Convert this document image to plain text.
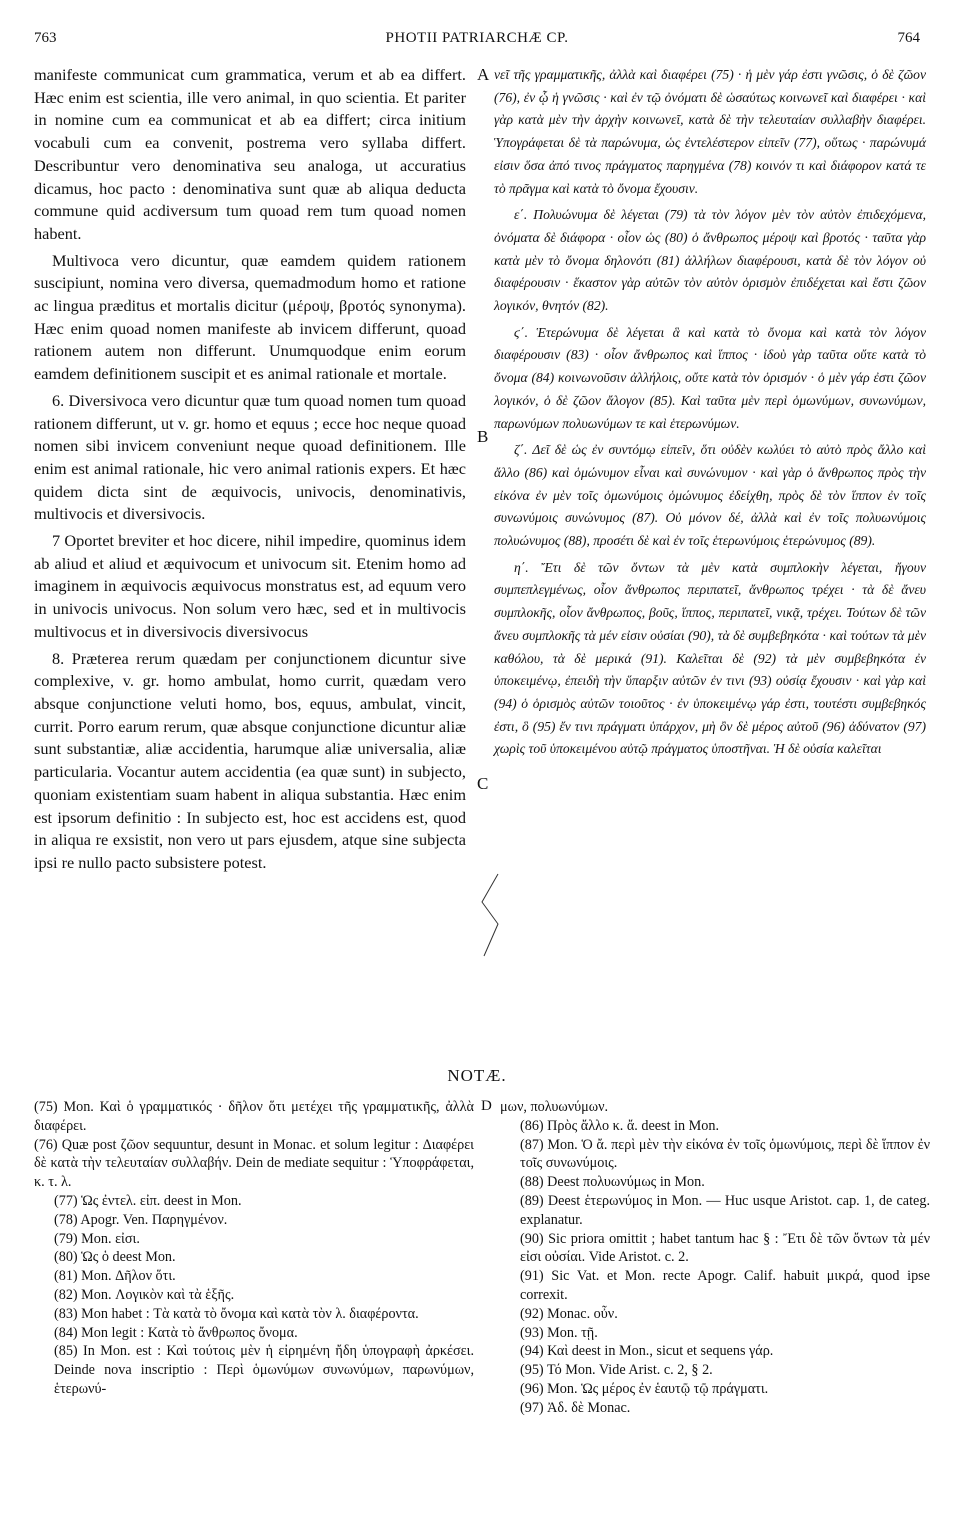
763	PHOTII PATRIARCHÆ CP.	764

manifeste communicat cum grammatica, verum et ab ea differt. Hæc enim est scientia, ille vero animal, in quo scientia. Et pariter in nomine cum ea communicat et ab ea differt; circa initium vocabuli cum ea convenit, postrema vero syllaba differt. Describuntur vero denominativa seu analoga, ut accuratius dicamus, hoc pacto : denominativa sunt quæ ab aliqua deducta commune quid acdiversum tum quoad rem tum quoad nomen habent.

Multivoca vero dicuntur, quæ eamdem quidem rationem suscipiunt, nomina vero diversa, quemadmodum homo et ratione ac lingua præditus et mortalis dicitur (μέροψ, βροτός synonyma). Hæc enim quoad nomen manifeste ab invicem differunt, quoad rationem autem non differunt. Unumquodque enim eorum eamdem definitionem suscipit et es animal rationale et mortale.

6. Diversivoca vero dicuntur quæ tum quoad nomen tum quoad rationem differunt, ut v. gr. homo et equus ; ecce hoc neque quoad nomen sibi invicem conveniunt neque quoad definitionem. Ille enim est animal rationale, hic vero animal rationis expers. Et hæc quidem dicta sint de æquivocis, univocis, denominativis, multivocis et diversivocis.

7 Oportet breviter et hoc dicere, nihil impedire, quominus idem ab aliud et aliud et æquivocum et univocum sit. Etenim homo ad imaginem in æquivocis æquivocus monstratus est, ad equum vero in univocis univocus. Non solum vero hæc, sed et in multivocis multivocus et in diversivocis diversivocus

8. Præterea rerum quædam per conjunctionem dicuntur sive complexive, v. gr. homo ambulat, homo currit, quædam vero absque conjunctione veluti homo, bos, equus, ambulat, vincit, currit. Porro earum rerum, quæ absque conjunctione dicuntur aliæ sunt substantiæ, aliæ accidentia, harumque aliæ universalia, aliæ particularia. Vocantur autem accidentia (ea quæ sunt) in subjecto, quoniam existentiam suam habent in aliqua substantia. Hæc enim est ipsorum definitio : In subjecto est, hoc est accidens est, quod in aliqua re exsistit, non vero ut pars ejusdem, atque sine subjecta ipsi re nullo pacto subsistere potest.

A
B
C

νεῖ τῆς γραμματικῆς, ἀλλὰ καὶ διαφέρει (75) · ἡ μὲν γάρ ἐστι γνῶσις, ὁ δὲ ζῶον (76), ἐν ᾧ ἡ γνῶσις · καὶ ἐν τῷ ὀνόματι δὲ ὡσαύτως κοινωνεῖ καὶ διαφέρει · καὶ γὰρ κατὰ μὲν τὴν ἀρχὴν κοινωνεῖ, κατὰ δὲ τὴν τελευταίαν συλλαβὴν διαφέρει. Ὑπογράφεται δὲ τὰ παρώνυμα, ὡς ἐντελέστερον εἰπεῖν (77), οὕτως · παρώνυμά εἰσιν ὅσα ἀπό τινος πράγματος παρηγμένα (78) κοινόν τι καὶ διάφορον κατά τε τὸ πρᾶγμα καὶ κατὰ τὸ ὄνομα ἔχουσιν.

ε΄. Πολυώνυμα δὲ λέγεται (79) τὰ τὸν λόγον μὲν τὸν αὐτὸν ἐπιδεχόμενα, ὀνόματα δὲ διάφορα · οἷον ὡς (80) ὁ ἄνθρωπος μέροψ καὶ βροτός · ταῦτα γὰρ κατὰ μὲν τὸ ὄνομα δηλονότι (81) ἀλλήλων διαφέρουσι, κατὰ δὲ τὸν λόγον οὐ διαφέρουσιν · ἕκαστον γὰρ αὐτῶν τὸν αὐτὸν ὁρισμὸν ἐπιδέχεται καὶ ἔστι ζῶον λογικόν, θνητόν (82).

ϛ΄. Ἑτερώνυμα δὲ λέγεται ἃ καὶ κατὰ τὸ ὄνομα καὶ κατὰ τὸν λόγον διαφέρουσιν (83) · οἷον ἄνθρωπος καὶ ἵππος · ἰδοὺ γὰρ ταῦτα οὔτε κατὰ τὸ ὄνομα (84) κοινωνοῦσιν ἀλλήλοις, οὔτε κατὰ τὸν ὁρισμόν · ὁ μὲν γάρ ἐστι ζῶον λογικόν, ὁ δὲ ζῶον ἄλογον (85). Καὶ ταῦτα μὲν περὶ ὁμωνύμων, συνωνύμων, παρωνύμων πολυωνύμων τε καὶ ἑτερωνύμων.

ζ΄. Δεῖ δὲ ὡς ἐν συντόμῳ εἰπεῖν, ὅτι οὐδὲν κωλύει τὸ αὐτὸ πρὸς ἄλλο καὶ ἄλλο (86) καὶ ὁμώνυμον εἶναι καὶ συνώνυμον · καὶ γὰρ ὁ ἄνθρωπος πρὸς τὴν εἰκόνα ἐν μὲν τοῖς ὁμωνύμοις ὁμώνυμος ἐδείχθη, πρὸς δὲ τὸν ἵππον ἐν τοῖς συνωνύμοις συνώνυμος (87). Οὐ μόνον δέ, ἀλλὰ καὶ ἐν τοῖς πολυωνύμοις πολυώνυμος (88), προσέτι δὲ καὶ ἐν τοῖς ἑτερωνύμοις ἑτερώνυμος (89).

η΄. Ἔτι δὲ τῶν ὄντων τὰ μὲν κατὰ συμπλοκὴν λέγεται, ἤγουν συμπεπλεγμένως, οἷον ἄνθρωπος περιπατεῖ, ἄνθρωπος τρέχει · τὰ δὲ ἄνευ συμπλοκῆς, οἷον ἄνθρωπος, βοῦς, ἵππος, περιπατεῖ, νικᾷ, τρέχει. Τούτων δὲ τῶν ἄνευ συμπλοκῆς τὰ μέν εἰσιν οὐσίαι (90), τὰ δὲ συμβεβηκότα · καὶ τούτων τὰ μὲν καθόλου, τὰ δὲ μερικά (91). Καλεῖται δὲ (92) τὰ μὲν συμβεβηκότα ἐν ὑποκειμένῳ, ἐπειδὴ τὴν ὕπαρξιν αὐτῶν ἐν τινι (93) οὐσίᾳ ἔχουσιν · καὶ γὰρ καὶ (94) ὁ ὁρισμὸς αὐτῶν τοιοῦτος · ἐν ὑποκειμένῳ γάρ ἐστι, τουτέστι συμβεβηκός ἐστι, ὃ (95) ἔν τινι πράγματι ὑπάρχον, μὴ ὂν δὲ μέρος αὐτοῦ (96) ἀδύνατον (97) χωρὶς τοῦ ὑποκειμένου αὐτῷ πράγματος ὑποστῆναι. Ἡ δὲ οὐσία καλεῖται

NOTÆ.

(75) Mon. Καὶ ὁ γραμματικός · δῆλον ὅτι μετέχει τῆς γραμματικῆς, ἀλλὰ διαφέρει.

(76) Quæ post ζῶον sequuntur, desunt in Monac. et solum legitur : Διαφέρει δὲ κατὰ τὴν τελευταίαν συλλαβήν. Dein de mediate sequitur : Ὑποφράφεται, κ. τ. λ.

(77) Ὡς ἐντελ. εἰπ. deest in Mon.

(78) Apogr. Ven. Παρηγμένον.

(79) Mon. εἰσι.

(80) Ὡς ὁ deest Mon.

(81) Mon. Δῆλον ὅτι.

(82) Mon. Λογικὸν καὶ τὰ ἑξῆς.

(83) Mon habet : Τὰ κατὰ τὸ ὄνομα καὶ κατὰ τὸν λ. διαφέροντα.

(84) Mon legit : Κατὰ τὸ ἄνθρωπος ὄνομα.

(85) In Mon. est : Καὶ τούτοις μὲν ἡ εἰρημένη ἤδη ὑπογραφὴ ἀρκέσει. Deinde nova inscriptio : Περὶ ὁμωνύμων συνωνύμων, παρωνύμων, ἑτερωνύ-

D μων, πολυωνύμων.

(86) Πρὸς ἄλλο κ. ἄ. deest in Mon.

(87) Mon. Ὁ ἄ. περὶ μὲν τὴν εἰκόνα ἐν τοῖς ὁμωνύμοις, περὶ δὲ ἵππον ἐν τοῖς συνωνύμοις.

(88) Deest πολυωνύμως in Mon.

(89) Deest ἑτερωνύμος in Mon. — Huc usque Aristot. cap. 1, de categ. explanatur.

(90) Sic priora omittit ; habet tantum hac § : Ἔτι δὲ τῶν ὄντων τὰ μέν εἰσι οὐσίαι. Vide Aristot. c. 2.

(91) Sic Vat. et Mon. recte Apogr. Calif. habuit μικρά, quod ipse correxit.

(92) Monac. οὖν.

(93) Mon. τῇ.

(94) Καὶ deest in Mon., sicut et sequens γάρ.

(95) Τό Mon. Vide Arist. c. 2, § 2.

(96) Mon. Ὡς μέρος ἐν ἑαυτῷ τῷ πράγματι.

(97) Ἀδ. δὲ Monac.
